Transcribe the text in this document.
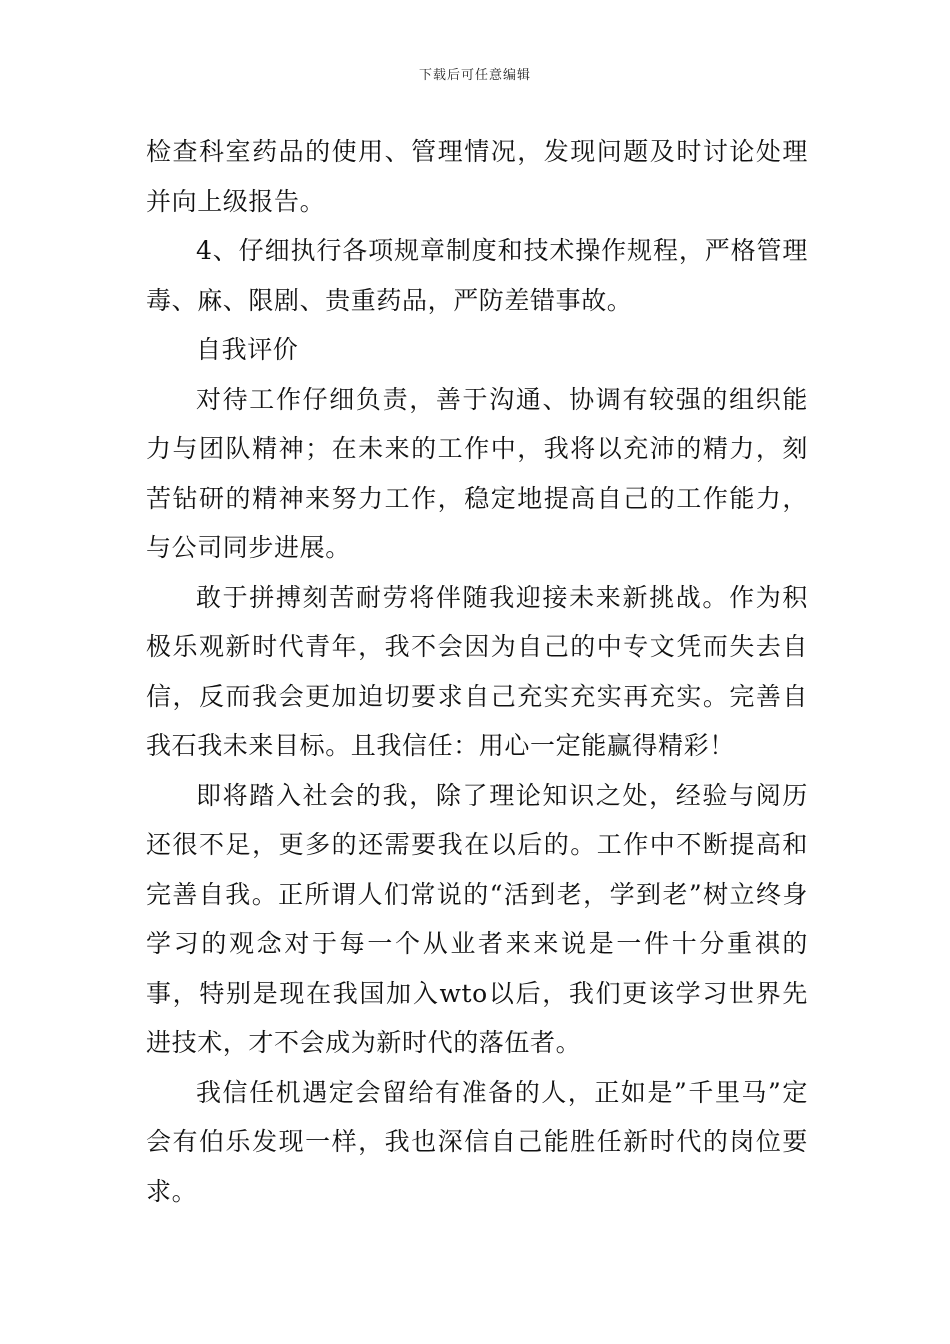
下载后可任意编辑

检查科室药品的使用、管理情况，发现问题及时讨论处理并向上级报告。

4、仔细执行各项规章制度和技术操作规程，严格管理毒、麻、限剧、贵重药品，严防差错事故。

自我评价

对待工作仔细负责，善于沟通、协调有较强的组织能力与团队精神；在未来的工作中，我将以充沛的精力，刻苦钻研的精神来努力工作，稳定地提高自己的工作能力，与公司同步进展。

敢于拼搏刻苦耐劳将伴随我迎接未来新挑战。作为积极乐观新时代青年，我不会因为自己的中专文凭而失去自信，反而我会更加迫切要求自己充实充实再充实。完善自我石我未来目标。且我信任：用心一定能赢得精彩！

即将踏入社会的我，除了理论知识之处，经验与阅历还很不足，更多的还需要我在以后的。工作中不断提高和完善自我。正所谓人们常说的“活到老，学到老”树立终身学习的观念对于每一个从业者来来说是一件十分重祺的事，特别是现在我国加入wto以后，我们更该学习世界先进技术，才不会成为新时代的落伍者。

我信任机遇定会留给有准备的人，正如是”千里马”定会有伯乐发现一样，我也深信自己能胜任新时代的岗位要求。
